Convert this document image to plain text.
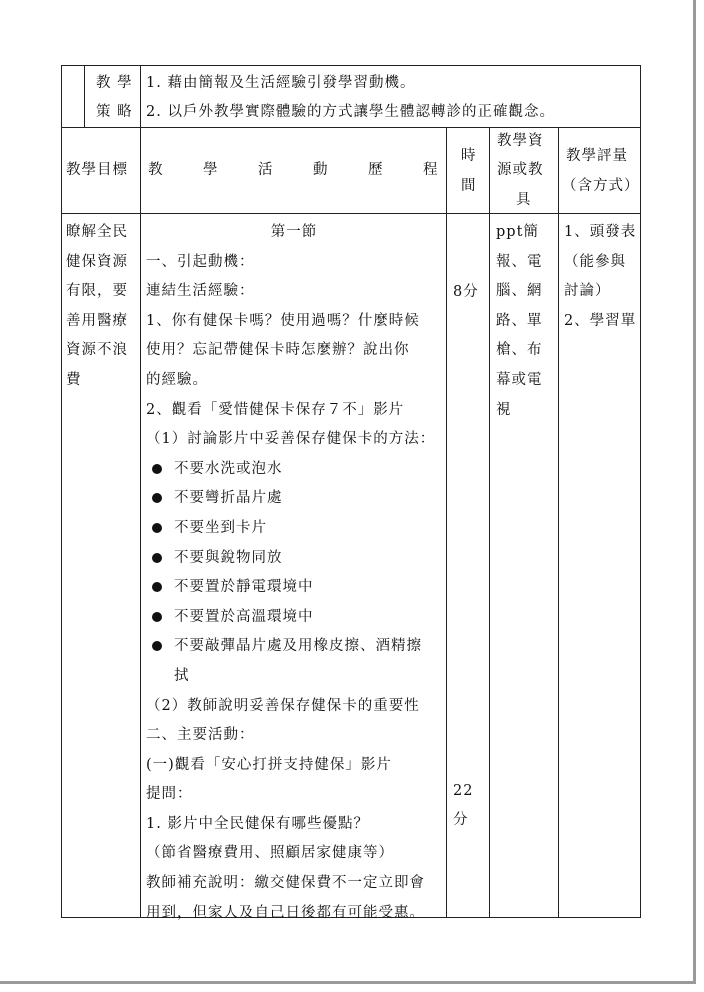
教 學
策 略
1. 藉由簡報及生活經驗引發學習動機。
2. 以戶外教學實際體驗的方式讓學生體認轉診的正確觀念。
教學目標 教　學　活　動　歷　程
時
間
教學資
源或教
具
教學評量
（含方式）
瞭解全民
健保資源
有限，要
善用醫療
資源不浪
費
第一節
一、引起動機：
連結生活經驗：
1、你有健保卡嗎？使用過嗎？什麼時候
使用？忘記帶健保卡時怎麼辦？說出你
的經驗。
2、觀看「愛惜健保卡保存７不」影片
（1）討論影片中妥善保存健保卡的方法：
不要水洗或泡水
不要彎折晶片處
不要坐到卡片
不要與銳物同放
不要置於靜電環境中
不要置於高溫環境中
不要敲彈晶片處及用橡皮擦、酒精擦
拭
（2）教師說明妥善保存健保卡的重要性
二、主要活動：
(一)觀看「安心打拼支持健保」影片
提問：
1. 影片中全民健保有哪些優點？
（節省醫療費用、照顧居家健康等）
教師補充說明：繳交健保費不一定立即會
用到，但家人及自己日後都有可能受惠。
8分
22
分
ppt簡
報、電
腦、網
路、單
槍、布
幕或電
視
1、頭發表
（能參與
討論）
2、學習單
